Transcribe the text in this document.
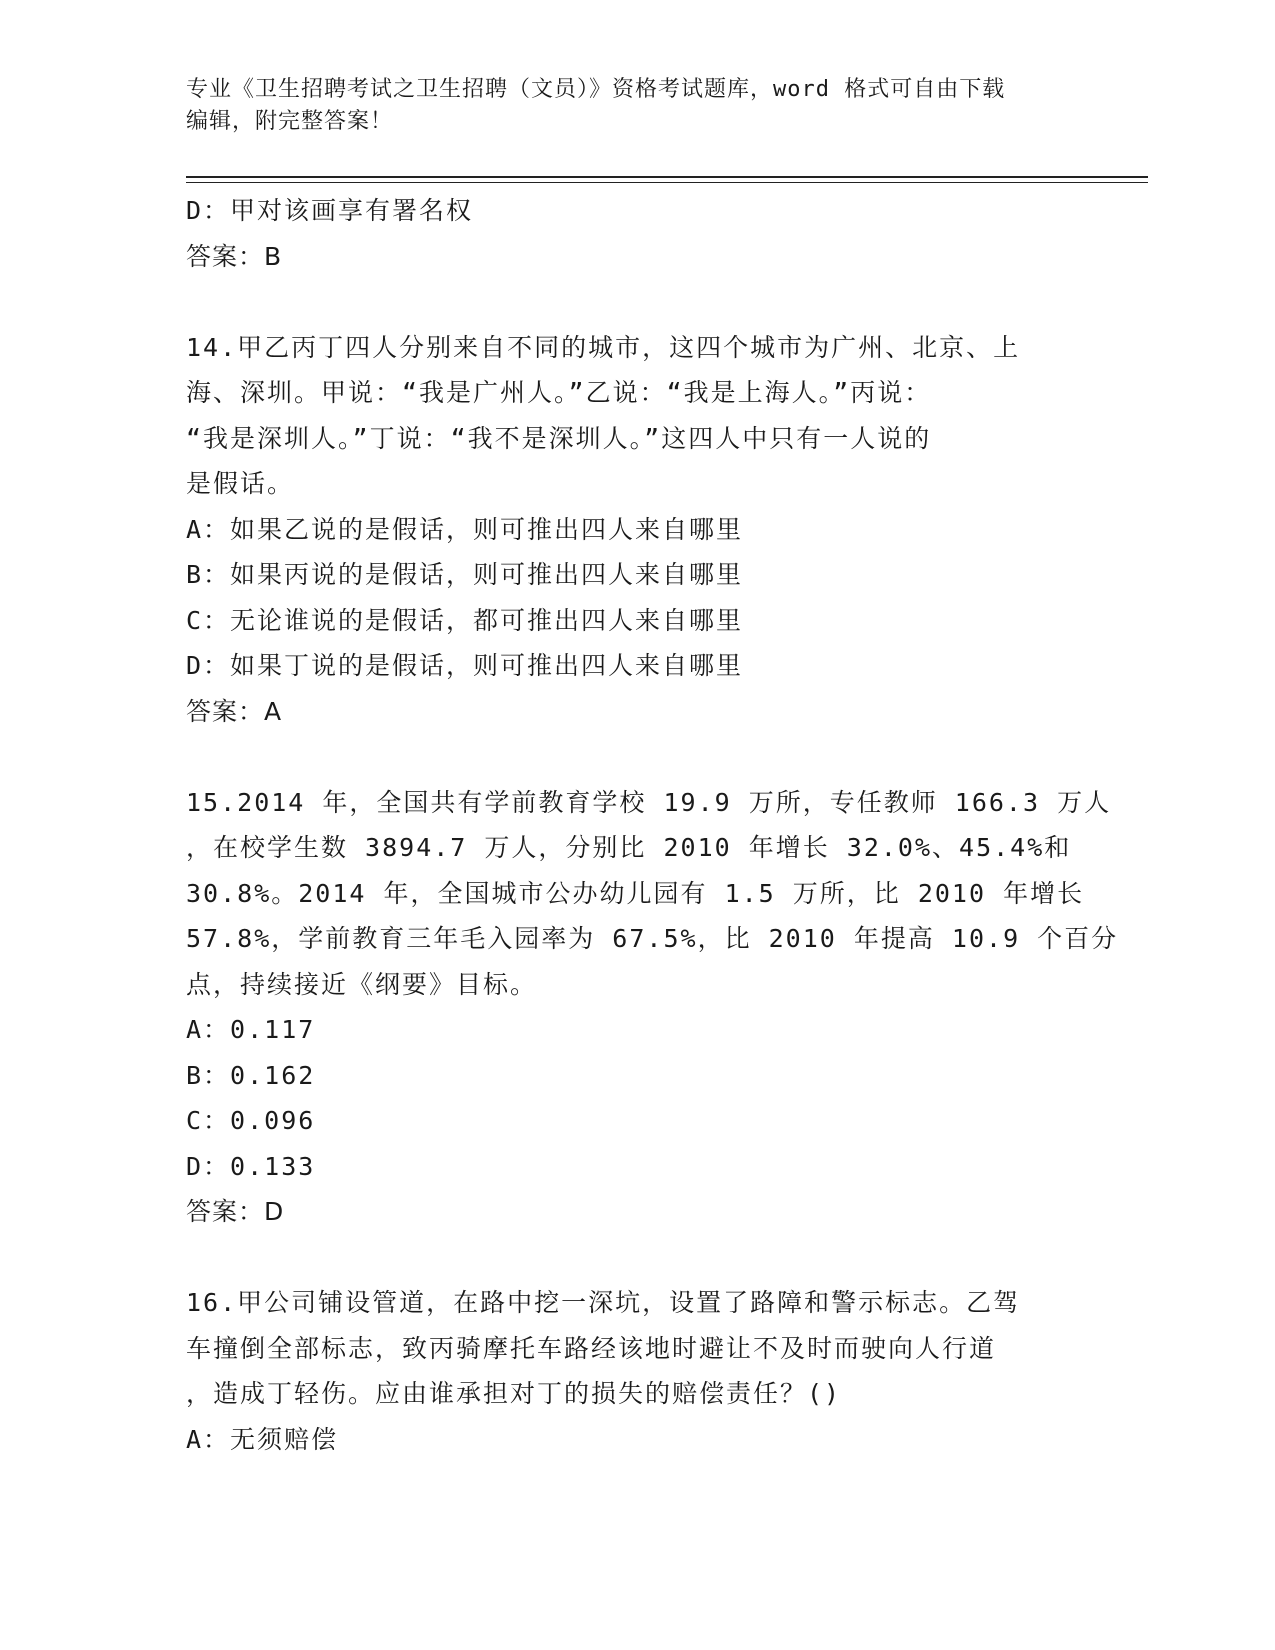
专业《卫生招聘考试之卫生招聘（文员）》资格考试题库，word 格式可自由下载
编辑，附完整答案！
D：甲对该画享有署名权
答案：B
14.甲乙丙丁四人分别来自不同的城市，这四个城市为广州、北京、上
海、深圳。甲说：“我是广州人。”乙说：“我是上海人。”丙说：
“我是深圳人。”丁说：“我不是深圳人。”这四人中只有一人说的
是假话。
A：如果乙说的是假话，则可推出四人来自哪里
B：如果丙说的是假话，则可推出四人来自哪里
C：无论谁说的是假话，都可推出四人来自哪里
D：如果丁说的是假话，则可推出四人来自哪里
答案：A
15.2014 年，全国共有学前教育学校 19.9 万所，专任教师 166.3 万人
，在校学生数 3894.7 万人，分别比 2010 年增长 32.0%、45.4%和
30.8%。2014 年，全国城市公办幼儿园有 1.5 万所，比 2010 年增长
57.8%，学前教育三年毛入园率为 67.5%，比 2010 年提高 10.9 个百分
点，持续接近《纲要》目标。
A：0.117
B：0.162
C：0.096
D：0.133
答案：D
16.甲公司铺设管道，在路中挖一深坑，设置了路障和警示标志。乙驾
车撞倒全部标志，致丙骑摩托车路经该地时避让不及时而驶向人行道
，造成丁轻伤。应由谁承担对丁的损失的赔偿责任？()
A：无须赔偿
